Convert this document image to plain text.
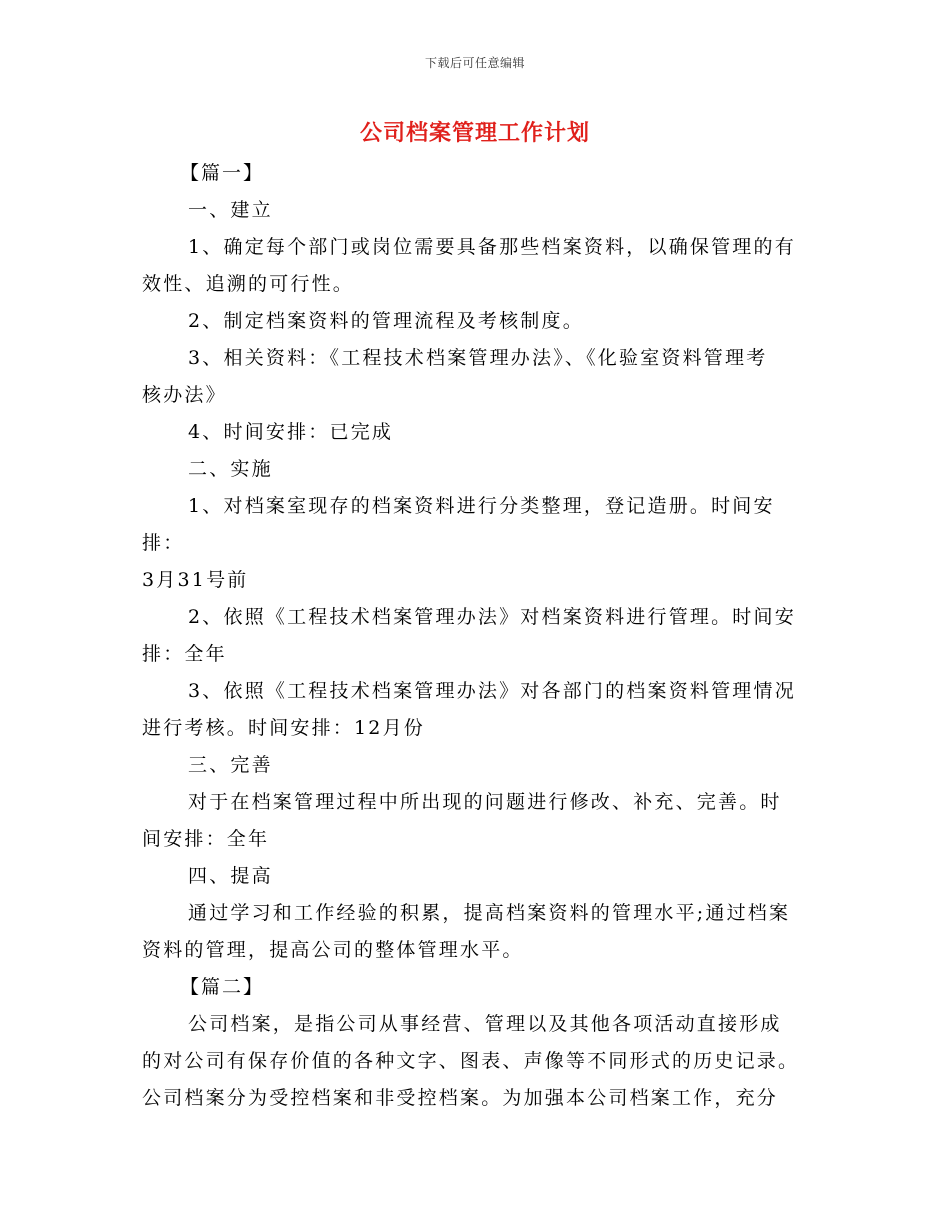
下载后可任意编辑
公司档案管理工作计划

【篇一】

一、建立

1、确定每个部门或岗位需要具备那些档案资料，以确保管理的有
效性、追溯的可行性。

2、制定档案资料的管理流程及考核制度。

3、相关资料：《工程技术档案管理办法》、《化验室资料管理考
核办法》

4、时间安排：已完成

二、实施

1、对档案室现存的档案资料进行分类整理，登记造册。时间安排：
3月31号前

2、依照《工程技术档案管理办法》对档案资料进行管理。时间安
排：全年

3、依照《工程技术档案管理办法》对各部门的档案资料管理情况
进行考核。时间安排：12月份

三、完善

对于在档案管理过程中所出现的问题进行修改、补充、完善。时
间安排：全年

四、提高

通过学习和工作经验的积累，提高档案资料的管理水平;通过档案
资料的管理，提高公司的整体管理水平。

【篇二】

公司档案，是指公司从事经营、管理以及其他各项活动直接形成
的对公司有保存价值的各种文字、图表、声像等不同形式的历史记录。
公司档案分为受控档案和非受控档案。为加强本公司档案工作，充分
